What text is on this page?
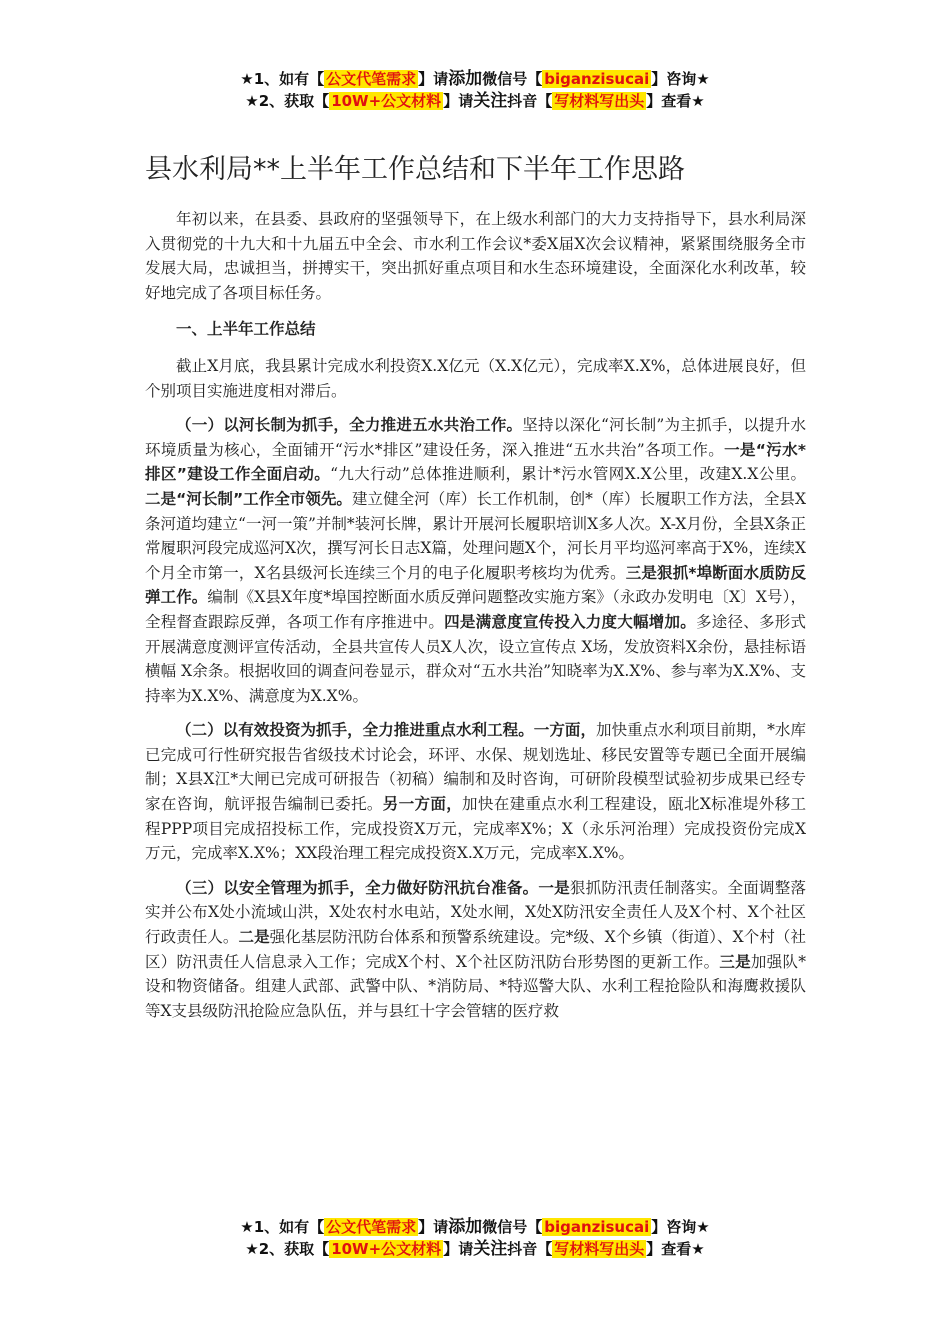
★1、如有【 公文代笔需求 】请添加微信号【 biganzisucai 】咨询★
★2、获取【 10W+公文材料 】请关注抖音【 写材料写出头 】查看★
县水利局**上半年工作总结和下半年工作思路

年初以来，在县委、县政府的坚强领导下，在上级水利部门的大力支持指导下，县水利局深入贯彻党的十九大和十九届五中全会、市水利工作会议*委X届X次会议精神，紧紧围绕服务全市发展大局，忠诚担当，拼搏实干，突出抓好重点项目和水生态环境建设，全面深化水利改革，较好地完成了各项目标任务。

一、上半年工作总结

截止X月底，我县累计完成水利投资X.X亿元（X.X亿元），完成率X.X%，总体进展良好，但个别项目实施进度相对滞后。

（一）以河长制为抓手，全力推进五水共治工作。坚持以深化“河长制”为主抓手，以提升水环境质量为核心，全面铺开“污水*排区”建设任务，深入推进“五水共治”各项工作。一是“污水*排区”建设工作全面启动。“九大行动”总体推进顺利，累计*污水管网X.X公里，改建X.X公里。二是“河长制”工作全市领先。建立健全河（库）长工作机制，创*（库）长履职工作方法，全县X条河道均建立“一河一策”并制*装河长牌，累计开展河长履职培训X多人次。X-X月份，全县X条正常履职河段完成巡河X次，撰写河长日志X篇，处理问题X个，河长月平均巡河率高于X%，连续X个月全市第一，X名县级河长连续三个月的电子化履职考核均为优秀。三是狠抓*埠断面水质防反弹工作。编制《X县X年度*埠国控断面水质反弹问题整改实施方案》（永政办发明电〔X〕X号），全程督查跟踪反弹，各项工作有序推进中。四是满意度宣传投入力度大幅增加。多途径、多形式开展满意度测评宣传活动，全县共宣传人员X人次，设立宣传点 X场，发放资料X余份，悬挂标语横幅 X余条。根据收回的调查问卷显示，群众对“五水共治”知晓率为X.X%、参与率为X.X%、支持率为X.X%、满意度为X.X%。

（二）以有效投资为抓手，全力推进重点水利工程。一方面，加快重点水利项目前期，*水库已完成可行性研究报告省级技术讨论会，环评、水保、规划选址、移民安置等专题已全面开展编制；X县X江*大闸已完成可研报告（初稿）编制和及时咨询，可研阶段模型试验初步成果已经专家在咨询，航评报告编制已委托。另一方面，加快在建重点水利工程建设，瓯北X标准堤外移工程PPP项目完成招投标工作，完成投资X万元，完成率X%；X（永乐河治理）完成投资份完成X万元，完成率X.X%；XX段治理工程完成投资X.X万元，完成率X.X%。

（三）以安全管理为抓手，全力做好防汛抗台准备。一是狠抓防汛责任制落实。全面调整落实并公布X处小流域山洪，X处农村水电站，X处水闸，X处X防汛安全责任人及X个村、X个社区行政责任人。二是强化基层防汛防台体系和预警系统建设。完*级、X个乡镇（街道）、X个村（社区）防汛责任人信息录入工作；完成X个村、X个社区防汛防台形势图的更新工作。三是加强队*设和物资储备。组建人武部、武警中队、*消防局、*特巡警大队、水利工程抢险队和海鹰救援队等X支县级防汛抢险应急队伍，并与县红十字会管辖的医疗救

★1、如有【 公文代笔需求 】请添加微信号【 biganzisucai 】咨询★
★2、获取【 10W+公文材料 】请关注抖音【 写材料写出头 】查看★
